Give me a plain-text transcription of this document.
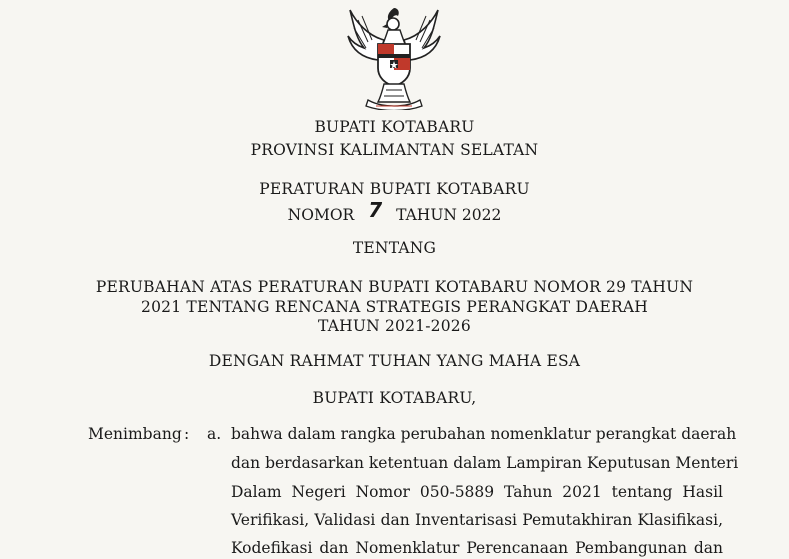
BUPATI KOTABARU
PROVINSI KALIMANTAN SELATAN
PERATURAN BUPATI KOTABARU
NOMOR 7 TAHUN 2022
TENTANG
PERUBAHAN ATAS PERATURAN BUPATI KOTABARU NOMOR 29 TAHUN
2021 TENTANG RENCANA STRATEGIS PERANGKAT DAERAH
TAHUN 2021-2026
DENGAN RAHMAT TUHAN YANG MAHA ESA
BUPATI KOTABARU,
Menimbang : a. bahwa dalam rangka perubahan nomenklatur perangkat daerah
dan berdasarkan ketentuan dalam Lampiran Keputusan Menteri
Dalam Negeri Nomor 050-5889 Tahun 2021 tentang Hasil
Verifikasi, Validasi dan Inventarisasi Pemutakhiran Klasifikasi,
Kodefikasi dan Nomenklatur Perencanaan Pembangunan dan
